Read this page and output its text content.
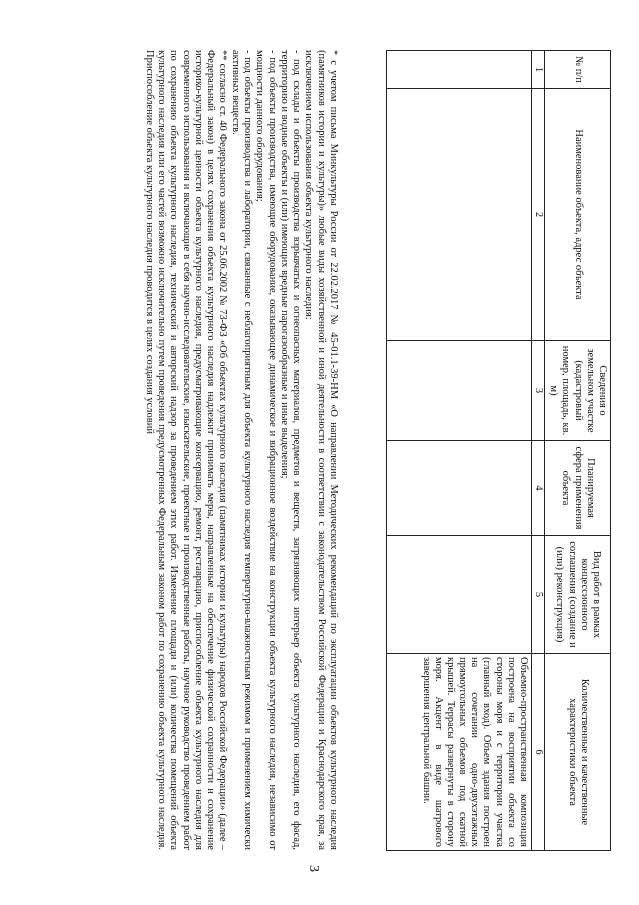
3
№ п/п	Наименование объекта, адрес объекта	Сведения о земельном участке (кадастровый номер, площадь, кв. м)	Планируемая сфера применения объекта	Вид работ в рамках концессионного соглашения (создание и (или) реконструкция)	Количественные и качественные характеристики объекта
1	2	3	4	5	6
					Объемно-пространственная композиция построена на восприятии объекта со стороны моря и с территории участка (главный вход). Объем здания построен на сочетании одно-двухэтажных прямоугольных объемов под скатной крышей. Террасы развернуты в сторону моря. Акцент в виде шатрового завершения центральной башни.

* с учетом письма Минкультуры России от 22.02.2017 № 45-01.1-39-НМ «О направлении Методических рекомендаций по эксплуатации объектов культурного наследия (памятников истории и культуры)» любые виды хозяйственной и иной деятельности в соответствии с законодательством Российской Федерации и Краснодарского края, за исключением использования объекта культурного наследия:

- под склады и объекты производства взрывчатых и огнеопасных материалов, предметов и веществ, загрязняющих интерьер объекта культурного наследия, его фасад, территорию и водные объекты и (или) имеющих вредные парогазообразные и иные выделения;

- под объекты производства, имеющие оборудование, оказывающее динамическое и вибрационное воздействие на конструкции объекта культурного наследия, независимо от мощности данного оборудования;

- под объекты производства и лаборатории, связанные с неблагоприятным для объекта культурного наследия температурно-влажностным режимом и применением химически активных веществ.

** согласно ст. 40 Федерального закона от 25.06.2002 № 73-ФЗ «Об объектах культурного наследия (памятниках истории и культуры) народов Российской Федерации» (далее – Федеральный закон) в целях сохранения объекта культурного наследия надлежит принимать меры, направленные на обеспечение физической сохранности и сохранение историко-культурной ценности объекта культурного наследия, предусматривающие консервацию, ремонт, реставрацию, приспособление объекта культурного наследия для современного использования и включающие в себя научно-исследовательские, изыскательские, проектные и производственные работы, научное руководство проведением работ по сохранению объекта культурного наследия, технический и авторский надзор за проведением этих работ. Изменение площади и (или) количества помещений объекта культурного наследия или его частей возможно исключительно путем проведения предусмотренных Федеральным законом работ по сохранению объекта культурного наследия. Приспособление объекта культурного наследия проводится в целях создания условий
